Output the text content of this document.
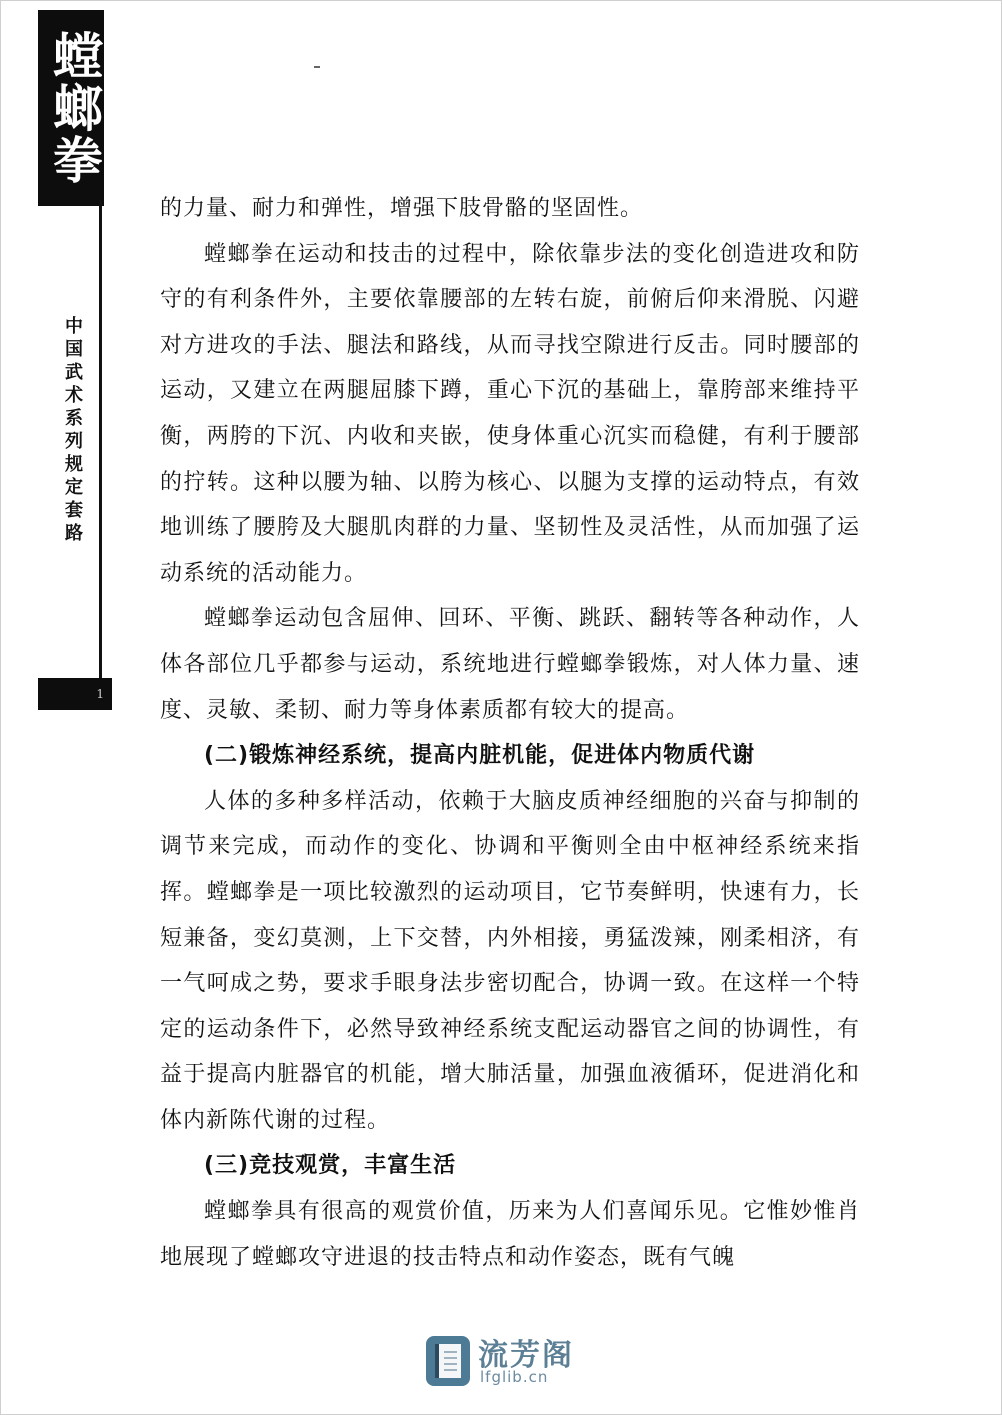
螳螂拳
中国武术系列规定套路
1

的力量、耐力和弹性，增强下肢骨骼的坚固性。

螳螂拳在运动和技击的过程中，除依靠步法的变化创造进攻和防守的有利条件外，主要依靠腰部的左转右旋，前俯后仰来滑脱、闪避对方进攻的手法、腿法和路线，从而寻找空隙进行反击。同时腰部的运动，又建立在两腿屈膝下蹲，重心下沉的基础上，靠胯部来维持平衡，两胯的下沉、内收和夹嵌，使身体重心沉实而稳健，有利于腰部的拧转。这种以腰为轴、以胯为核心、以腿为支撑的运动特点，有效地训练了腰胯及大腿肌肉群的力量、坚韧性及灵活性，从而加强了运动系统的活动能力。

螳螂拳运动包含屈伸、回环、平衡、跳跃、翻转等各种动作，人体各部位几乎都参与运动，系统地进行螳螂拳锻炼，对人体力量、速度、灵敏、柔韧、耐力等身体素质都有较大的提高。

(二)锻炼神经系统，提高内脏机能，促进体内物质代谢

人体的多种多样活动，依赖于大脑皮质神经细胞的兴奋与抑制的调节来完成，而动作的变化、协调和平衡则全由中枢神经系统来指挥。螳螂拳是一项比较激烈的运动项目，它节奏鲜明，快速有力，长短兼备，变幻莫测，上下交替，内外相接，勇猛泼辣，刚柔相济，有一气呵成之势，要求手眼身法步密切配合，协调一致。在这样一个特定的运动条件下，必然导致神经系统支配运动器官之间的协调性，有益于提高内脏器官的机能，增大肺活量，加强血液循环，促进消化和体内新陈代谢的过程。

(三)竞技观赏，丰富生活

螳螂拳具有很高的观赏价值，历来为人们喜闻乐见。它惟妙惟肖地展现了螳螂攻守进退的技击特点和动作姿态，既有气魄

流芳阁
lfglib.cn
